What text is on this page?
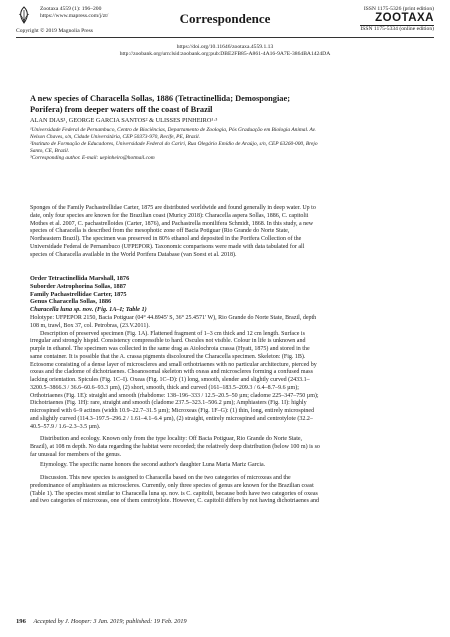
Zootaxa 4559 (1): 196–200
https://www.mapress.com/j/zt/
Copyright © 2019 Magnolia Press
Correspondence
ISSN 1175-5326 (print edition)
ZOOTAXA
ISSN 1175-5334 (online edition)
https://doi.org/10.11646/zootaxa.4559.1.13
http://zoobank.org/urn:lsid:zoobank.org:pub:DBE2FB85-A861-4A16-9A7E-3864BA1424DA
A new species of Characella Sollas, 1886 (Tetractinellida; Demospongiae;
Porifera) from deeper waters off the coast of Brazil
ALAN DIAS¹, GEORGE GARCIA SANTOS² & ULISSES PINHEIRO¹·³
¹Universidade Federal de Pernambuco, Centro de Biociências, Departamento de Zoologia, Pós Graduação em Biologia Animal. Av.
Nelson Chaves, s/n, Cidade Universitária, CEP 50373-970, Recife, PE, Brazil.
²Instituto de Formação de Educadores, Universidade Federal do Cariri, Rua Olegário Emídio de Araújo, s/n, CEP 63260-000, Brejo
Santo, CE, Brazil.
³Corresponding author. E-mail: uepinheiro@hotmail.com
Sponges of the Family Pachastrellidae Carter, 1875 are distributed worldwide and found generally in deep water. Up to
date, only four species are known for the Brazilian coast (Muricy 2018): Characella aspera Sollas, 1886, C. capitolii
Mothes et al. 2007, C. pachastrelloides (Carter, 1876), and Pachastrella monilifera Schmidt, 1868. In this study, a new
species of Characella is described from the mesophotic zone off Bacia Potiguar (Rio Grande do Norte State,
Northeastern Brazil). The specimen was preserved in 80% ethanol and deposited in the Porifera Collection of the
Universidade Federal de Pernambuco (UFPEPOR). Taxonomic comparisons were made with data tabulated for all
species of Characella available in the World Porifera Database (van Soest et al. 2018).
Order Tetractinellida Marshall, 1876
Suborder Astrophorina Sollas, 1887
Family Pachastrellidae Carter, 1875
Genus Characella Sollas, 1886
Characella luna sp. nov. (Fig. 1A–I; Table 1)
Holotype: UFPEPOR 2150, Bacia Potiguar (04° 44.8945' S, 36° 25.4571' W), Rio Grande do Norte State, Brazil, depth
108 m, trawl, Box 37, col. Petrobras, (23.V.2011).
Description of preserved specimen (Fig. 1A). Flattened fragment of 1–3 cm thick and 12 cm length. Surface is
irregular and strongly hispid. Consistency compressible to hard. Oscules not visible. Colour in life is unknown and
purple in ethanol. The specimen was collected in the same drag as Aiolochroia crassa (Hyatt, 1875) and stored in the
same container. It is possible that the A. crassa pigments discoloured the Characella specimen. Skeleton: (Fig. 1B).
Ectosome consisting of a dense layer of microscleres and small orthotriaenes with no particular architecture, pierced by
oxeas and the cladome of dichotriaenes. Choanosomal skeleton with oxeas and microscleres forming a confused mass
lacking orientation. Spicules (Fig. 1C–I). Oxeas (Fig. 1C–D): (1) long, smooth, slender and slightly curved (2433.1–
3200.5–3866.3 / 36.6–60.6–93.3 µm), (2) short, smooth, thick and curved (161–183.5–209.3 / 6.4–8.7–9.6 µm);
Orthotriaenes (Fig. 1E): straight and smooth (rhabdome: 138–196–333 / 12.5–20.5–50 µm; cladome 225–347–750 µm);
Dichotriaenes (Fig. 1H): rare, straight and smooth (cladome 237.5–323.1–506.2 µm); Amphiasters (Fig. 1I): highly
microspined with 6–9 actines (width 10.9–22.7–31.5 µm); Microxeas (Fig. 1F–G): (1) thin, long, entirely microspined
and slightly curved (114.3–197.5–296.2 / 1.61–4.1–6.4 µm), (2) straight, entirely microspined and centrotylote (32.2–
40.5–57.9 / 1.6–2.3–3.5 µm).
Distribution and ecology. Known only from the type locality: Off Bacia Potiguar, Rio Grande do Norte State,
Brazil), at 108 m depth. No data regarding the habitat were recorded; the relatively deep distribution (below 100 m) is so
far unusual for members of the genus.
Etymology. The specific name honors the second author's daughter Luna Maria Mariz Garcia.
Discussion. This new species is assigned to Characella based on the two categories of microxeas and the
predominance of amphiasters as microscleres. Currently, only three species of genus are known for the Brazilian coast
(Table 1). The species most similar to Characella luna sp. nov. is C. capitolii, because both have two categories of oxeas
and two categories of microxeas, one of them centrotylote. However, C. capitolii differs by not having dichotriaenes and
196 Accepted by J. Hooper: 3 Jan. 2019; published: 19 Feb. 2019
